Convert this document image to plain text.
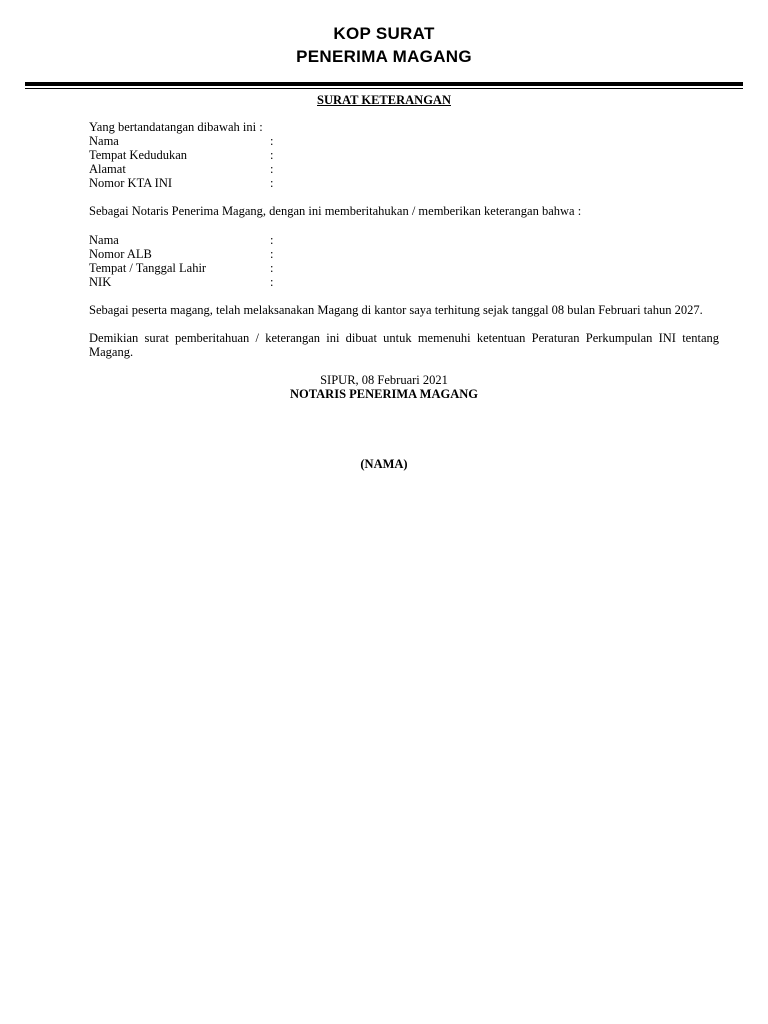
KOP SURAT
PENERIMA MAGANG
SURAT KETERANGAN
Yang bertandatangan dibawah ini :
Nama	:
Tempat Kedudukan	:
Alamat	:
Nomor KTA INI	:
Sebagai Notaris Penerima Magang, dengan ini memberitahukan / memberikan keterangan bahwa :
Nama	:
Nomor ALB	:
Tempat / Tanggal Lahir	:
NIK	:
Sebagai peserta magang, telah melaksanakan Magang di kantor saya terhitung sejak tanggal 08 bulan Februari tahun 2027.
Demikian surat pemberitahuan / keterangan ini dibuat untuk memenuhi ketentuan Peraturan Perkumpulan INI tentang Magang.
SIPUR, 08 Februari 2021
NOTARIS PENERIMA MAGANG
(NAMA)
